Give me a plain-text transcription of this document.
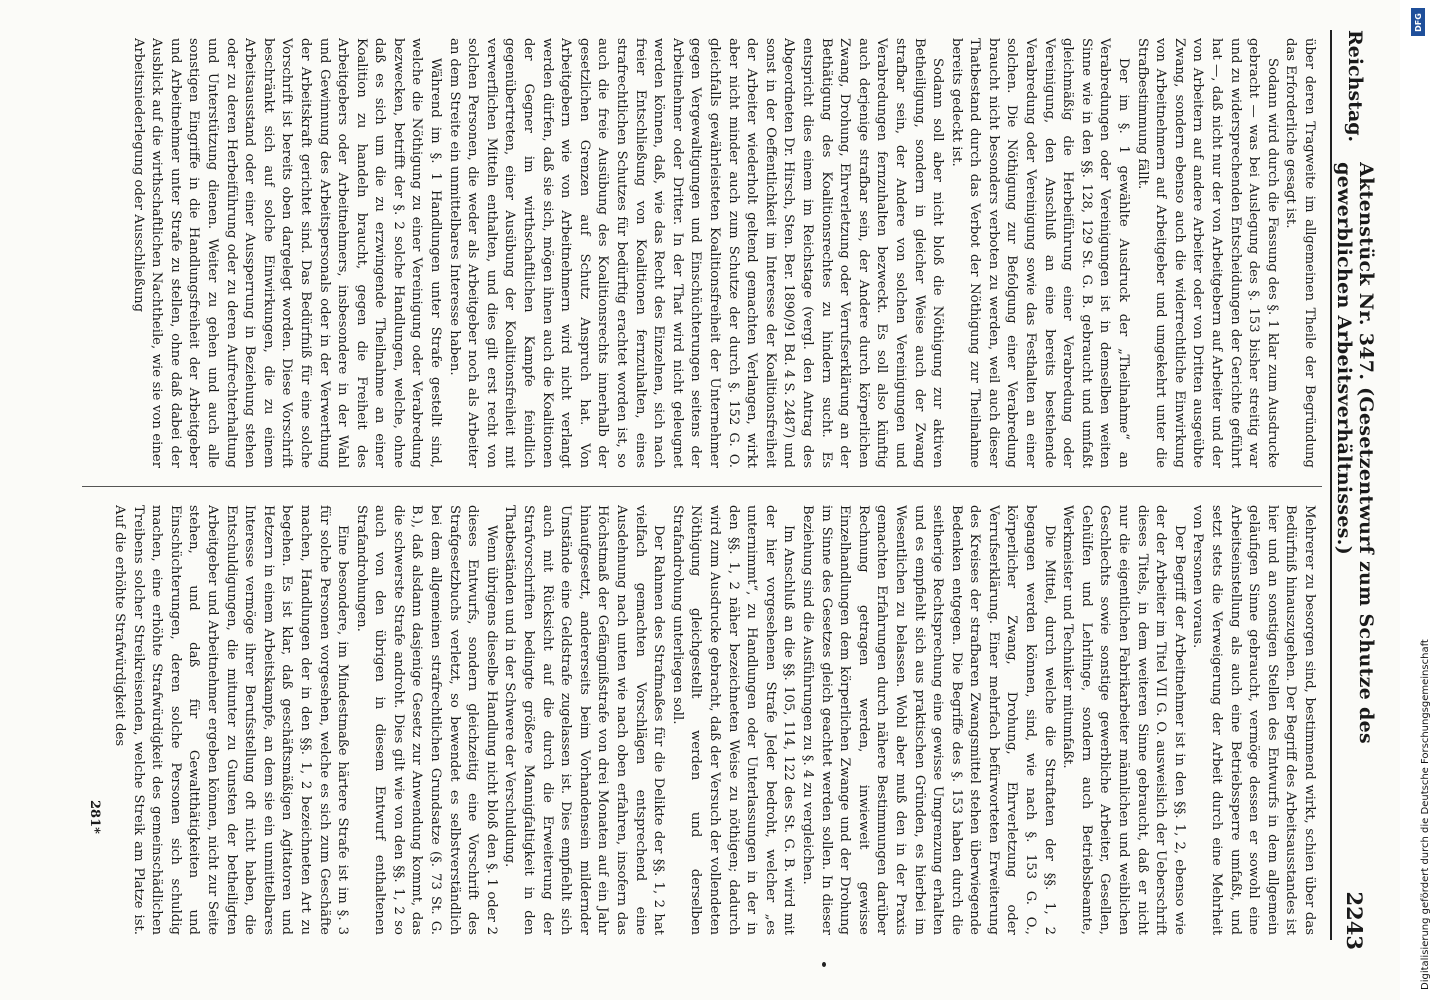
Reichstag.
Aktenstück Nr. 347. (Gesetzentwurf zum Schutze des gewerblichen Arbeitsverhältnisses.)
2243

über deren Tragweite im allgemeinen Theile der Begründung das Erforderliche gesagt ist.

Sodann wird durch die Fassung des §. 1 klar zum Ausdrucke gebracht — was bei Auslegung des §. 153 bisher streitig war und zu widersprechenden Entscheidungen der Gerichte geführt hat —, daß nicht nur der von Arbeitgebern auf Arbeiter und der von Arbeitern auf andere Arbeiter oder von Dritten ausgeübte Zwang, sondern ebenso auch die widerrechtliche Einwirkung von Arbeitnehmern auf Arbeitgeber und umgekehrt unter die Strafbestimmung fällt.

Der im §. 1 gewählte Ausdruck der „Theilnahme“ an Verabredungen oder Vereinigungen ist in demselben weiten Sinne wie in den §§. 128, 129 St. G. B. gebraucht und umfaßt gleichmäßig die Herbeiführung einer Verabredung oder Vereinigung, den Anschluß an eine bereits bestehende Verabredung oder Vereinigung sowie das Festhalten an einer solchen. Die Nöthigung zur Befolgung einer Verabredung braucht nicht besonders verboten zu werden, weil auch dieser Thatbestand durch das Verbot der Nöthigung zur Theilnahme bereits gedeckt ist.

Sodann soll aber nicht bloß die Nöthigung zur aktiven Betheiligung, sondern in gleicher Weise auch der Zwang strafbar sein, der Andere von solchen Vereinigungen und Verabredungen fernzuhalten bezweckt. Es soll also künftig auch derjenige strafbar sein, der Andere durch körperlichen Zwang, Drohung, Ehrverletzung oder Verrufserklärung an der Bethätigung des Koalitionsrechtes zu hindern sucht. Es entspricht dies einem im Reichstage (vergl. den Antrag des Abgeordneten Dr. Hirsch, Sten. Ber. 1890/91 Bd. 4 S. 2487) und sonst in der Oeffentlichkeit im Interesse der Koalitionsfreiheit der Arbeiter wiederholt geltend gemachten Verlangen, wirkt aber nicht minder auch zum Schutze der durch §. 152 G. O. gleichfalls gewährleisteten Koalitionsfreiheit der Unternehmer gegen Vergewaltigungen und Einschüchterungen seitens der Arbeitnehmer oder Dritter. In der That wird nicht geleugnet werden können, daß, wie das Recht des Einzelnen, sich nach freier Entschließung von Koalitionen fernzuhalten, eines strafrechtlichen Schutzes für bedürftig erachtet worden ist, so auch die freie Ausübung des Koalitionsrechts innerhalb der gesetzlichen Grenzen auf Schutz Anspruch hat. Von Arbeitgebern wie von Arbeitnehmern wird nicht verlangt werden dürfen, daß sie sich, mögen ihnen auch die Koalitionen der Gegner im wirthschaftlichen Kampfe feindlich gegenübertreten, einer Ausübung der Koalitionsfreiheit mit verwerflichen Mitteln enthalten, und dies gilt erst recht von solchen Personen, die weder als Arbeitgeber noch als Arbeiter an dem Streite ein unmittelbares Interesse haben.

Während im §. 1 Handlungen unter Strafe gestellt sind, welche die Nöthigung zu einer Vereinigung oder Verabredung bezwecken, betrifft der §. 2 solche Handlungen, welche, ohne daß es sich um die zu erzwingende Theilnahme an einer Koalition zu handeln braucht, gegen die Freiheit des Arbeitgebers oder Arbeitnehmers, insbesondere in der Wahl und Gewinnung des Arbeitspersonals oder in der Verwerthung der Arbeitskraft gerichtet sind. Das Bedürfniß für eine solche Vorschrift ist bereits oben dargelegt worden. Diese Vorschrift beschränkt sich auf solche Einwirkungen, die zu einem Arbeitsausstand oder einer Aussperrung in Beziehung stehen oder zu deren Herbeiführung oder zu deren Aufrechterhaltung und Unterstützung dienen. Weiter zu gehen und auch alle sonstigen Eingriffe in die Handlungsfreiheit der Arbeitgeber und Arbeitnehmer unter Strafe zu stellen, ohne daß dabei der Ausblick auf die wirthschaftlichen Nachtheile, wie sie von einer Arbeitsniederlegung oder Ausschließung

Mehrerer zu besorgen sind, bestimmend wirkt, schien über das Bedürfniß hinauszugehen. Der Begriff des Arbeitsausstandes ist hier und an sonstigen Stellen des Entwurfs in dem allgemein geläufigen Sinne gebraucht, vermöge dessen er sowohl eine Arbeitseinstellung als auch eine Betriebssperre umfaßt, und setzt stets die Verweigerung der Arbeit durch eine Mehrheit von Personen voraus.

Der Begriff der Arbeitnehmer ist in den §§. 1, 2, ebenso wie der der Arbeiter im Titel VII G. O. ausweislich der Ueberschrift dieses Titels, in dem weiteren Sinne gebraucht, daß er nicht nur die eigentlichen Fabrikarbeiter männlichen und weiblichen Geschlechts sowie sonstige gewerbliche Arbeiter, Gesellen, Gehülfen und Lehrlinge, sondern auch Betriebsbeamte, Werkmeister und Techniker mitumfaßt.

Die Mittel, durch welche die Straftaten der §§. 1, 2 begangen werden können, sind, wie nach §. 153 G. O., körperlicher Zwang, Drohung, Ehrverletzung oder Verrufserklärung. Einer mehrfach befürworteten Erweiterung des Kreises der strafbaren Zwangsmittel stehen überwiegende Bedenken entgegen. Die Begriffe des §. 153 haben durch die seitherige Rechtsprechung eine gewisse Umgrenzung erhalten und es empfiehlt sich aus praktischen Gründen, es hierbei im Wesentlichen zu belassen. Wohl aber muß den in der Praxis gemachten Erfahrungen durch nähere Bestimmungen darüber Rechnung getragen werden, inwieweit gewisse Einzelhandlungen dem körperlichen Zwange und der Drohung im Sinne des Gesetzes gleich geachtet werden sollen. In dieser Beziehung sind die Ausführungen zu §. 4 zu vergleichen.

Im Anschluß an die §§. 105, 114, 122 des St. G. B. wird mit der hier vorgesehenen Strafe Jeder bedroht, welcher „es unternimmt“, zu Handlungen oder Unterlassungen in der in den §§. 1, 2 näher bezeichneten Weise zu nöthigen; dadurch wird zum Ausdrucke gebracht, daß der Versuch der vollendeten Nöthigung gleichgestellt werden und derselben Strafandrohung unterliegen soll.

Der Rahmen des Strafmaßes für die Delikte der §§. 1, 2 hat vielfach gemachten Vorschlägen entsprechend eine Ausdehnung nach unten wie nach oben erfahren, insofern das Höchstmaß der Gefängnißstrafe von drei Monaten auf ein Jahr hinaufgesetzt, andererseits beim Vorhandensein mildernder Umstände eine Geldstrafe zugelassen ist. Dies empfiehlt sich auch mit Rücksicht auf die durch die Erweiterung der Strafvorschriften bedingte größere Mannigfaltigkeit in den Thatbeständen und in der Schwere der Verschuldung.

Wenn übrigens dieselbe Handlung nicht bloß den §. 1 oder 2 dieses Entwurfs, sondern gleichzeitig eine Vorschrift des Strafgesetzbuchs verletzt, so bewendet es selbstverständlich bei dem allgemeinen strafrechtlichen Grundsatze (§. 73 St. G. B.), daß alsdann dasjenige Gesetz zur Anwendung kommt, das die schwerste Strafe androht. Dies gilt wie von den §§. 1, 2 so auch von den übrigen in diesem Entwurf enthaltenen Strafandrohungen.

Eine besondere, im Mindestmaße härtere Strafe ist im §. 3 für solche Personen vorgesehen, welche es sich zum Geschäfte machen, Handlungen der in den §§. 1, 2 bezeichneten Art zu begehen. Es ist klar, daß geschäftsmäßigen Agitatoren und Hetzern in einem Arbeitskampfe, an dem sie ein unmittelbares Interesse vermöge ihrer Berufsstellung oft nicht haben, die Entschuldigungen, die mitunter zu Gunsten der betheiligten Arbeitgeber und Arbeitnehmer ergeben können, nicht zur Seite stehen, und daß für Gewaltthätigkeiten und Einschüchterungen, deren solche Personen sich schuldig machen, eine erhöhte Strafwürdigkeit des gemeinschädlichen Treibens solcher Streikreisenden, welche Streik am Platze ist. Auf die erhöhte Strafwürdigkeit des

281*
DFG
Digitalisierung gefördert durch die Deutsche Forschungsgemeinschaft
